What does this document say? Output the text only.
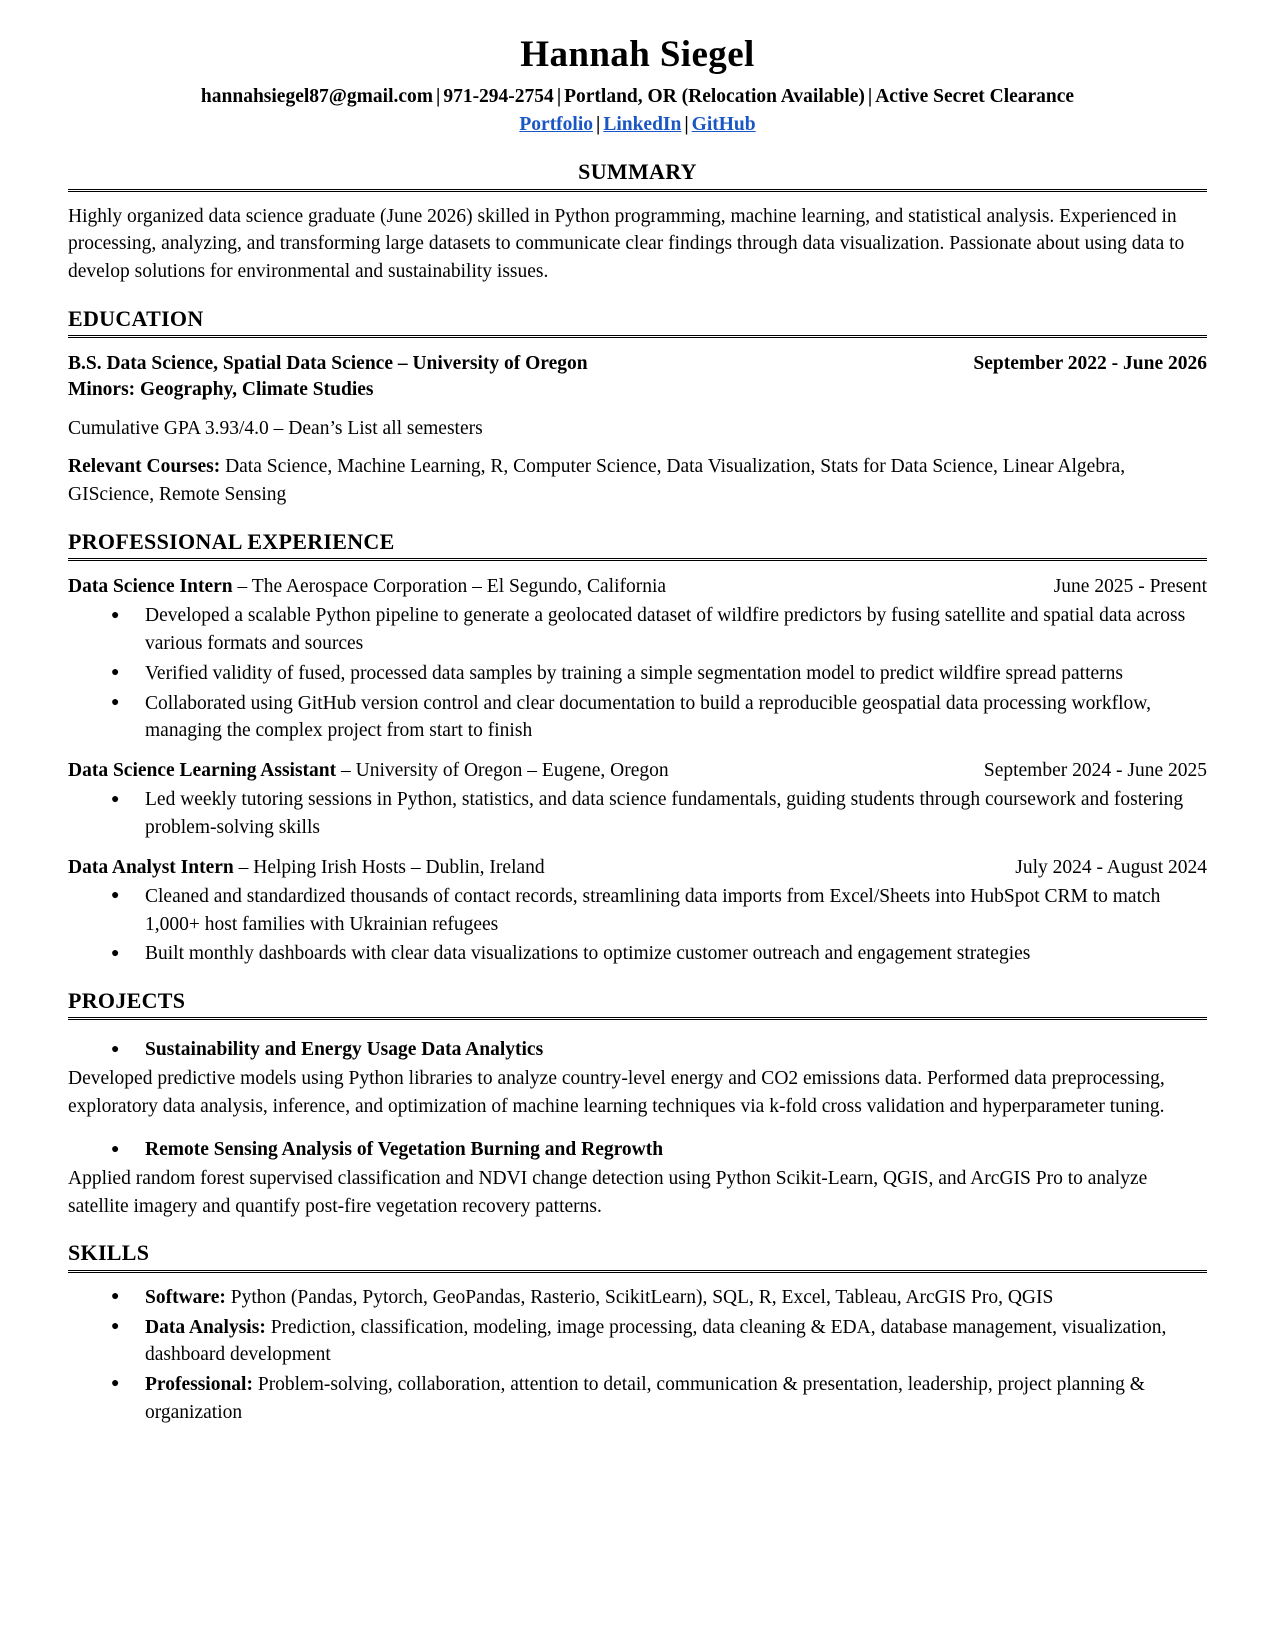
Hannah Siegel
hannahsiegel87@gmail.com | 971-294-2754 | Portland, OR (Relocation Available) | Active Secret Clearance
Portfolio | LinkedIn | GitHub
SUMMARY
Highly organized data science graduate (June 2026) skilled in Python programming, machine learning, and statistical analysis. Experienced in processing, analyzing, and transforming large datasets to communicate clear findings through data visualization. Passionate about using data to develop solutions for environmental and sustainability issues.
EDUCATION
B.S. Data Science, Spatial Data Science – University of Oregon	September 2022 - June 2026
Minors: Geography, Climate Studies
Cumulative GPA 3.93/4.0 – Dean’s List all semesters
Relevant Courses: Data Science, Machine Learning, R, Computer Science, Data Visualization, Stats for Data Science, Linear Algebra, GIScience, Remote Sensing
PROFESSIONAL EXPERIENCE
Data Science Intern – The Aerospace Corporation – El Segundo, California	June 2025 - Present
● Developed a scalable Python pipeline to generate a geolocated dataset of wildfire predictors by fusing satellite and spatial data across various formats and sources
● Verified validity of fused, processed data samples by training a simple segmentation model to predict wildfire spread patterns
● Collaborated using GitHub version control and clear documentation to build a reproducible geospatial data processing workflow, managing the complex project from start to finish
Data Science Learning Assistant – University of Oregon – Eugene, Oregon	September 2024 - June 2025
● Led weekly tutoring sessions in Python, statistics, and data science fundamentals, guiding students through coursework and fostering problem-solving skills
Data Analyst Intern – Helping Irish Hosts – Dublin, Ireland	July 2024 - August 2024
● Cleaned and standardized thousands of contact records, streamlining data imports from Excel/Sheets into HubSpot CRM to match 1,000+ host families with Ukrainian refugees
● Built monthly dashboards with clear data visualizations to optimize customer outreach and engagement strategies
PROJECTS
● Sustainability and Energy Usage Data Analytics
Developed predictive models using Python libraries to analyze country-level energy and CO2 emissions data. Performed data preprocessing, exploratory data analysis, inference, and optimization of machine learning techniques via k-fold cross validation and hyperparameter tuning.
● Remote Sensing Analysis of Vegetation Burning and Regrowth
Applied random forest supervised classification and NDVI change detection using Python Scikit-Learn, QGIS, and ArcGIS Pro to analyze satellite imagery and quantify post-fire vegetation recovery patterns.
SKILLS
● Software: Python (Pandas, Pytorch, GeoPandas, Rasterio, ScikitLearn), SQL, R, Excel, Tableau, ArcGIS Pro, QGIS
● Data Analysis: Prediction, classification, modeling, image processing, data cleaning & EDA, database management, visualization, dashboard development
● Professional: Problem-solving, collaboration, attention to detail, communication & presentation, leadership, project planning & organization
